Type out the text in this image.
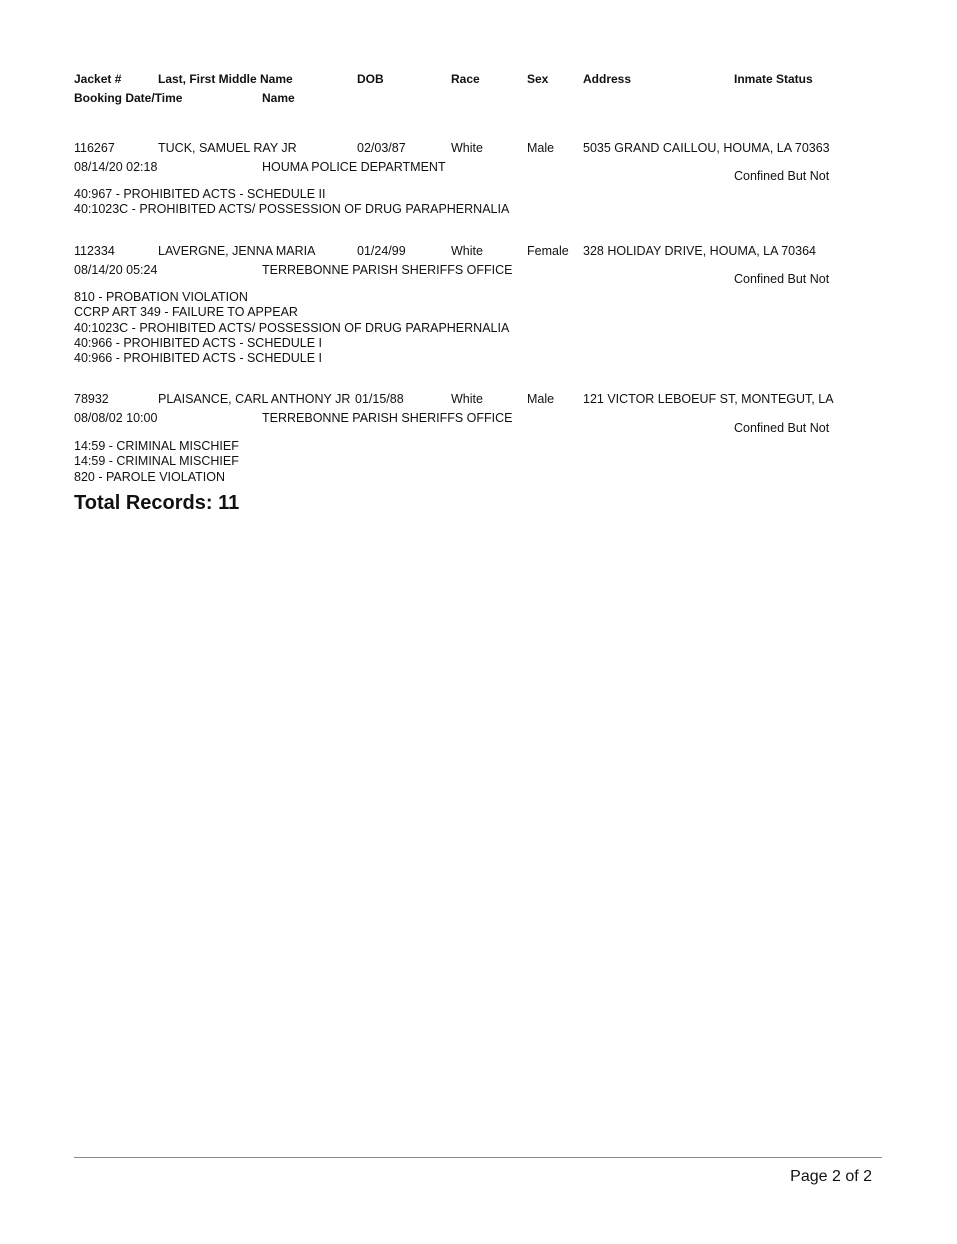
Jacket #	Last, First Middle Name	DOB	Race	Sex	Address	Inmate Status
Booking Date/Time	Name
116267	TUCK, SAMUEL RAY JR	02/03/87	White	Male 5035 GRAND CAILLOU, HOUMA, LA 70363
08/14/20 02:18	HOUMA POLICE DEPARTMENT
Confined But Not
40:967 - PROHIBITED ACTS - SCHEDULE II
40:1023C - PROHIBITED ACTS/ POSSESSION OF DRUG PARAPHERNALIA
112334	LAVERGNE, JENNA MARIA	01/24/99	White	Female 328 HOLIDAY DRIVE, HOUMA, LA 70364
08/14/20 05:24	TERREBONNE PARISH SHERIFFS OFFICE
Confined But Not
810 - PROBATION VIOLATION
CCRP ART 349 - FAILURE TO APPEAR
40:1023C - PROHIBITED ACTS/ POSSESSION OF DRUG PARAPHERNALIA
40:966 - PROHIBITED ACTS - SCHEDULE I
40:966 - PROHIBITED ACTS - SCHEDULE I
78932	PLAISANCE, CARL ANTHONY JR 01/15/88	White	Male 121 VICTOR LEBOEUF ST, MONTEGUT, LA
08/08/02 10:00	TERREBONNE PARISH SHERIFFS OFFICE
Confined But Not
14:59 - CRIMINAL MISCHIEF
14:59 - CRIMINAL MISCHIEF
820 - PAROLE VIOLATION
Total Records: 11
Page 2 of 2
